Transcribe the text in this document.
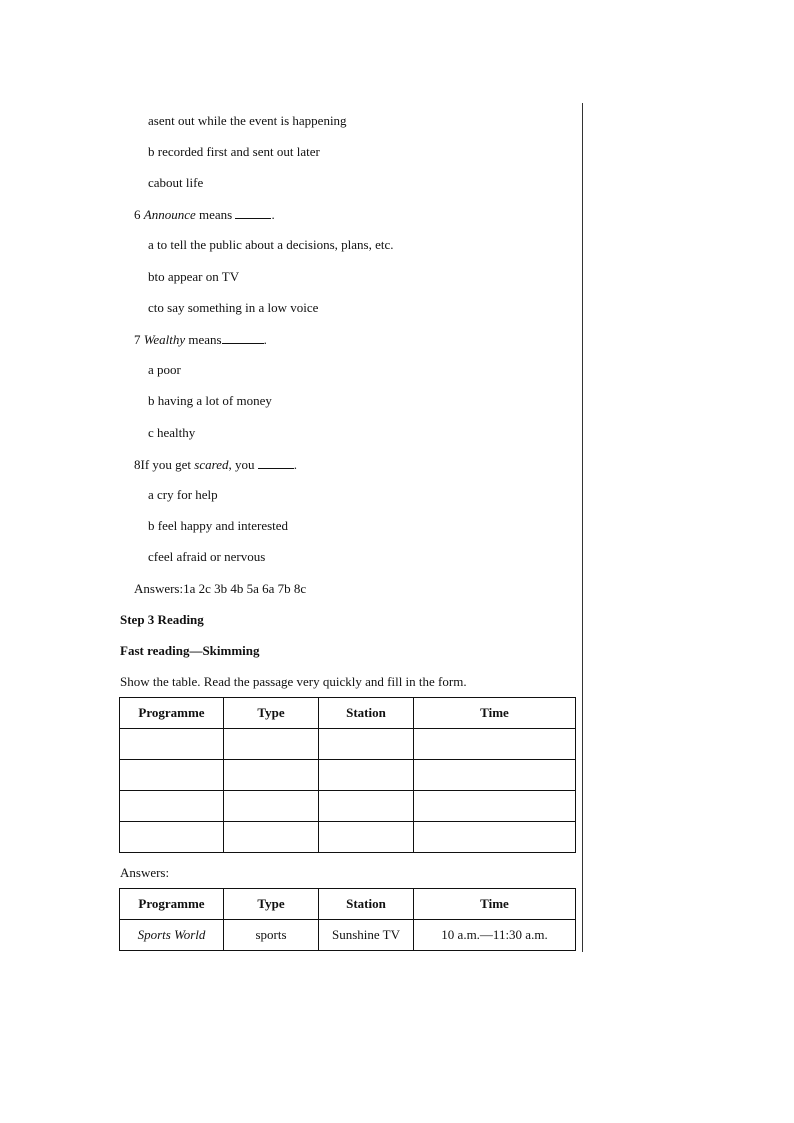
asent out while the event is happening
b recorded first and sent out later
cabout life
6 Announce means	.
a to tell the public about a decisions, plans, etc.
bto appear on TV
cto say something in a low voice
7 Wealthy means	.
a poor
b having a lot of money
c healthy
8If you get scared, you	.
a cry for help
b feel happy and interested
cfeel afraid or nervous
Answers:1a 2c 3b 4b 5a 6a 7b 8c
Step 3 Reading
Fast reading—Skimming
Show the table. Read the passage very quickly and fill in the form.
Programme	Type	Station	Time

Answers:
Programme	Type	Station	Time
Sports World	sports	Sunshine TV	10 a.m.—11:30 a.m.
